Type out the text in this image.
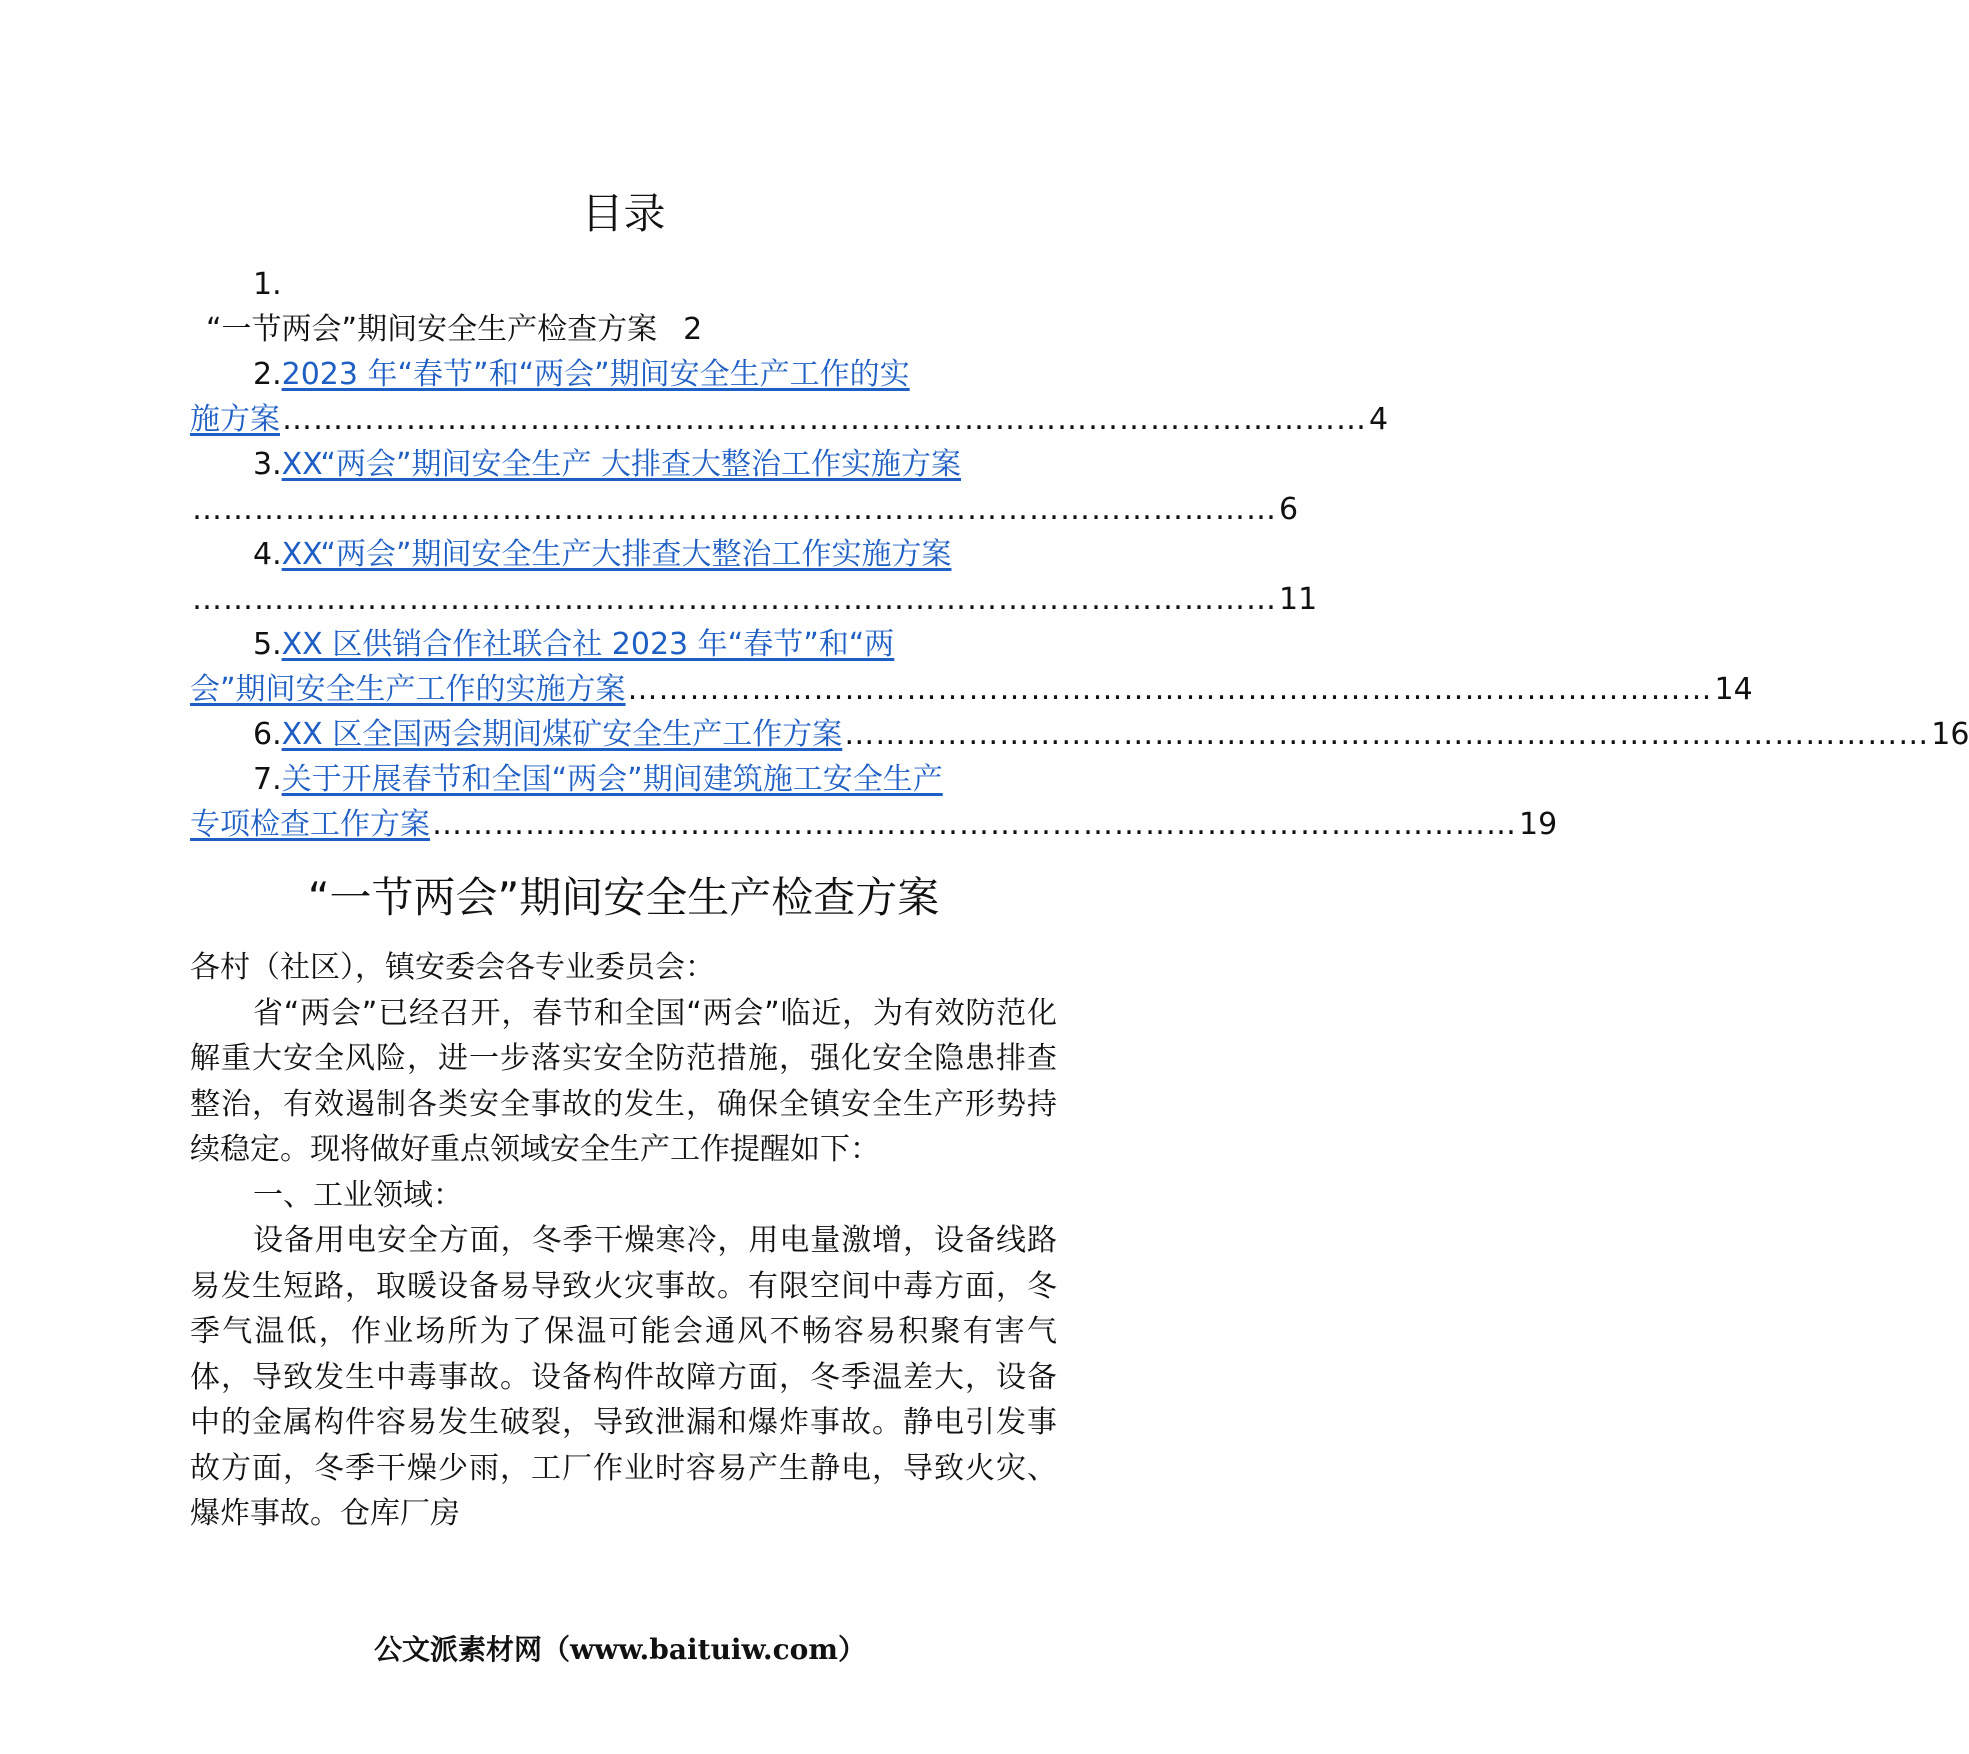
目录
1.
“一节两会”期间安全生产检查方案 2
2. 2023 年“春节”和“两会”期间安全生产工作的实
施方案 …………………………………………………………………………………………… 4
3. XX“两会”期间安全生产 大排查大整治工作实施方案
…………………………………………………………………………………………… 6
4. XX“两会”期间安全生产大排查大整治工作实施方案
…………………………………………………………………………………………… 11
5. XX 区供销合作社联合社 2023 年“春节”和“两
会”期间安全生产工作的实施方案 …………………………………………………………………………………………… 14
6. XX 区全国两会期间煤矿安全生产工作方案 …………………………………………………………………………………………… 16
7. 关于开展春节和全国“两会”期间建筑施工安全生产
专项检查工作方案 …………………………………………………………………………………………… 19
“一节两会”期间安全生产检查方案

各村（社区），镇安委会各专业委员会：

省“两会”已经召开，春节和全国“两会”临近，为有效防范化解重大安全风险，进一步落实安全防范措施，强化安全隐患排查整治，有效遏制各类安全事故的发生，确保全镇安全生产形势持续稳定。现将做好重点领域安全生产工作提醒如下：

一、工业领域：

设备用电安全方面，冬季干燥寒冷，用电量激增，设备线路易发生短路，取暖设备易导致火灾事故。有限空间中毒方面，冬季气温低，作业场所为了保温可能会通风不畅容易积聚有害气体，导致发生中毒事故。设备构件故障方面，冬季温差大，设备中的金属构件容易发生破裂，导致泄漏和爆炸事故。静电引发事故方面，冬季干燥少雨，工厂作业时容易产生静电，导致火灾、爆炸事故。仓库厂房

公文派素材网（www.baituiw.com）
